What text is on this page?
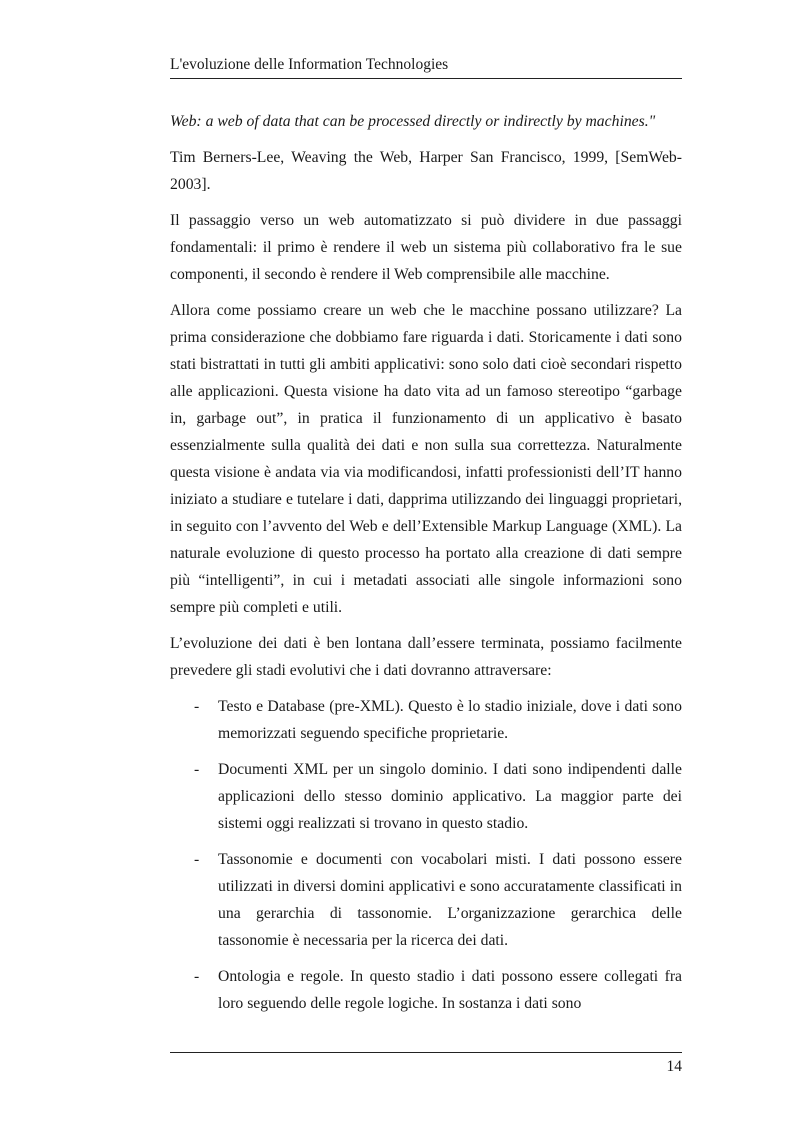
L'evoluzione delle Information Technologies

Web: a web of data that can be processed directly or indirectly by machines."

Tim Berners-Lee, Weaving the Web, Harper San Francisco, 1999, [SemWeb-2003].

Il passaggio verso un web automatizzato si può dividere in due passaggi fondamentali: il primo è rendere il web un sistema più collaborativo fra le sue componenti, il secondo è rendere il Web comprensibile alle macchine.

Allora come possiamo creare un web che le macchine possano utilizzare? La prima considerazione che dobbiamo fare riguarda i dati. Storicamente i dati sono stati bistrattati in tutti gli ambiti applicativi: sono solo dati cioè secondari rispetto alle applicazioni. Questa visione ha dato vita ad un famoso stereotipo “garbage in, garbage out”, in pratica il funzionamento di un applicativo è basato essenzialmente sulla qualità dei dati e non sulla sua correttezza. Naturalmente questa visione è andata via via modificandosi, infatti professionisti dell’IT hanno iniziato a studiare e tutelare i dati, dapprima utilizzando dei linguaggi proprietari, in seguito con l’avvento del Web e dell’Extensible Markup Language (XML). La naturale evoluzione di questo processo ha portato alla creazione di dati sempre più “intelligenti”, in cui i metadati associati alle singole informazioni sono sempre più completi e utili.

L’evoluzione dei dati è ben lontana dall’essere terminata, possiamo facilmente prevedere gli stadi evolutivi che i dati dovranno attraversare:

- Testo e Database (pre-XML). Questo è lo stadio iniziale, dove i dati sono memorizzati seguendo specifiche proprietarie.
- Documenti XML per un singolo dominio. I dati sono indipendenti dalle applicazioni dello stesso dominio applicativo. La maggior parte dei sistemi oggi realizzati si trovano in questo stadio.
- Tassonomie e documenti con vocabolari misti. I dati possono essere utilizzati in diversi domini applicativi e sono accuratamente classificati in una gerarchia di tassonomie. L’organizzazione gerarchica delle tassonomie è necessaria per la ricerca dei dati.
- Ontologia e regole. In questo stadio i dati possono essere collegati fra loro seguendo delle regole logiche. In sostanza i dati sono
14
